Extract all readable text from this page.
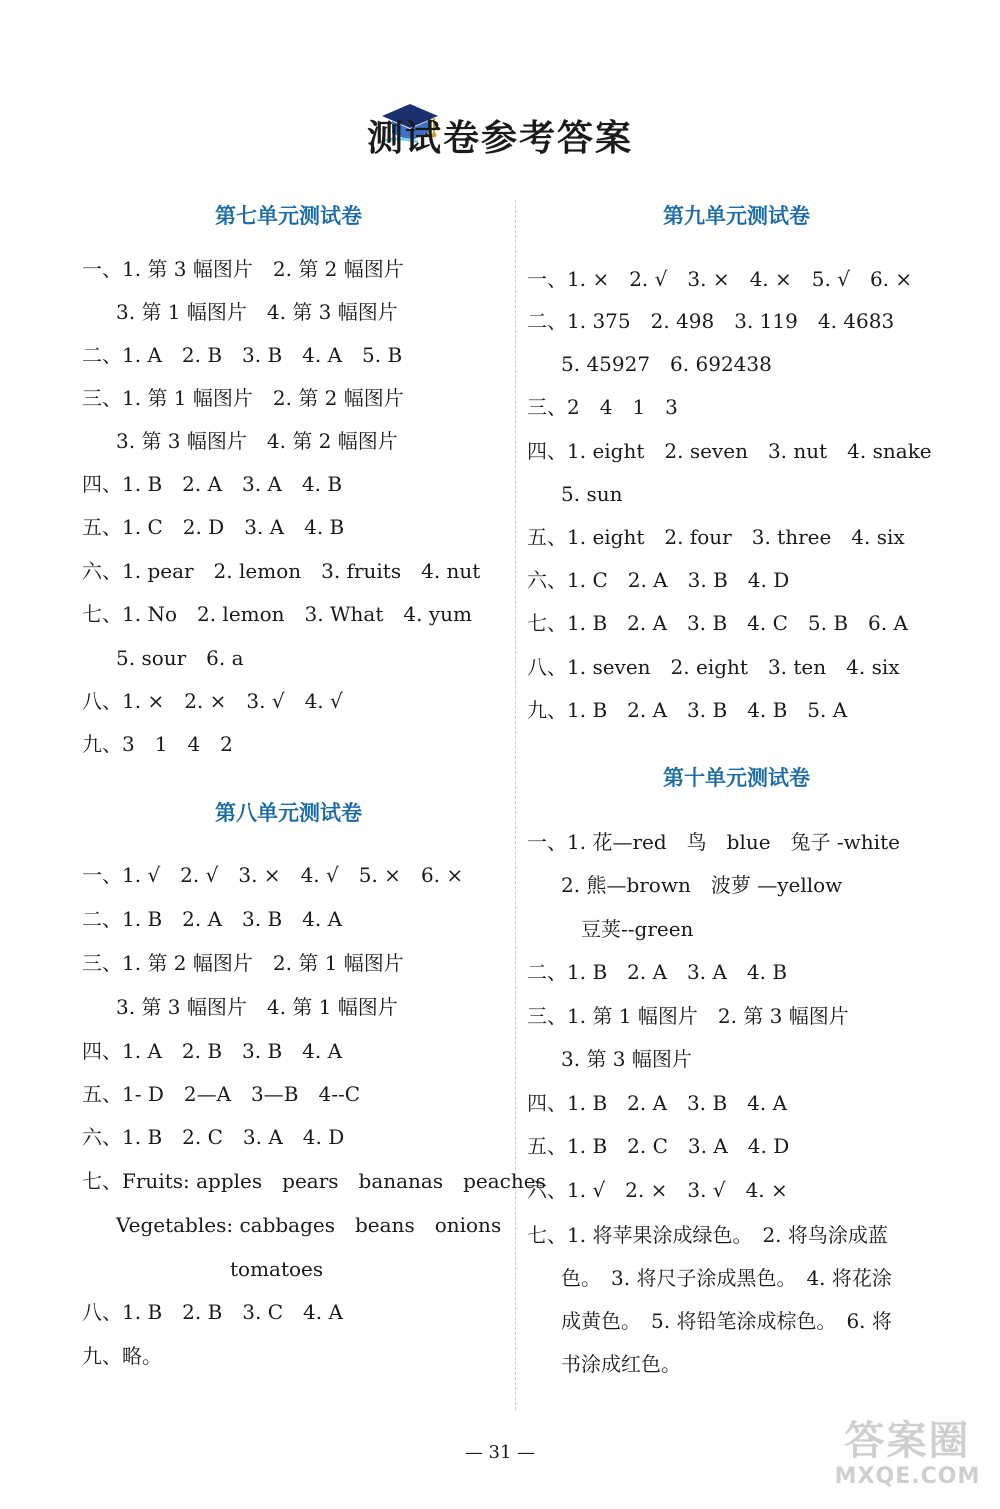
测试卷参考答案
第七单元测试卷
一、1. 第 3 幅图片　2. 第 2 幅图片
3. 第 1 幅图片　4. 第 3 幅图片
二、1. A　2. B　3. B　4. A　5. B
三、1. 第 1 幅图片　2. 第 2 幅图片
3. 第 3 幅图片　4. 第 2 幅图片
四、1. B　2. A　3. A　4. B
五、1. C　2. D　3. A　4. B
六、1. pear　2. lemon　3. fruits　4. nut
七、1. No　2. lemon　3. What　4. yum
5. sour　6. a
八、1. ×　2. ×　3. √　4. √
九、3　1　4　2
第八单元测试卷
一、1. √　2. √　3. ×　4. √　5. ×　6. ×
二、1. B　2. A　3. B　4. A
三、1. 第 2 幅图片　2. 第 1 幅图片
3. 第 3 幅图片　4. 第 1 幅图片
四、1. A　2. B　3. B　4. A
五、1- D　2—A　3—B　4--C
六、1. B　2. C　3. A　4. D
七、Fruits: apples　pears　bananas　peaches
Vegetables: cabbages　beans　onions
tomatoes
八、1. B　2. B　3. C　4. A
九、略。
第九单元测试卷
一、1. ×　2. √　3. ×　4. ×　5. √　6. ×
二、1. 375　2. 498　3. 119　4. 4683
5. 45927　6. 692438
三、2　4　1　3
四、1. eight　2. seven　3. nut　4. snake
5. sun
五、1. eight　2. four　3. three　4. six
六、1. C　2. A　3. B　4. D
七、1. B　2. A　3. B　4. C　5. B　6. A
八、1. seven　2. eight　3. ten　4. six
九、1. B　2. A　3. B　4. B　5. A
第十单元测试卷
一、1. 花—red　鸟　blue　兔子 -white
2. 熊—brown　波萝 —yellow
豆荚--green
二、1. B　2. A　3. A　4. B
三、1. 第 1 幅图片　2. 第 3 幅图片
3. 第 3 幅图片
四、1. B　2. A　3. B　4. A
五、1. B　2. C　3. A　4. D
六、1. √　2. ×　3. √　4. ×
七、1. 将苹果涂成绿色。　2. 将鸟涂成蓝
色。　3. 将尺子涂成黑色。　4. 将花涂
成黄色。　5. 将铅笔涂成棕色。　6. 将
书涂成红色。
— 31 —	答案圈
MXQE.COM
